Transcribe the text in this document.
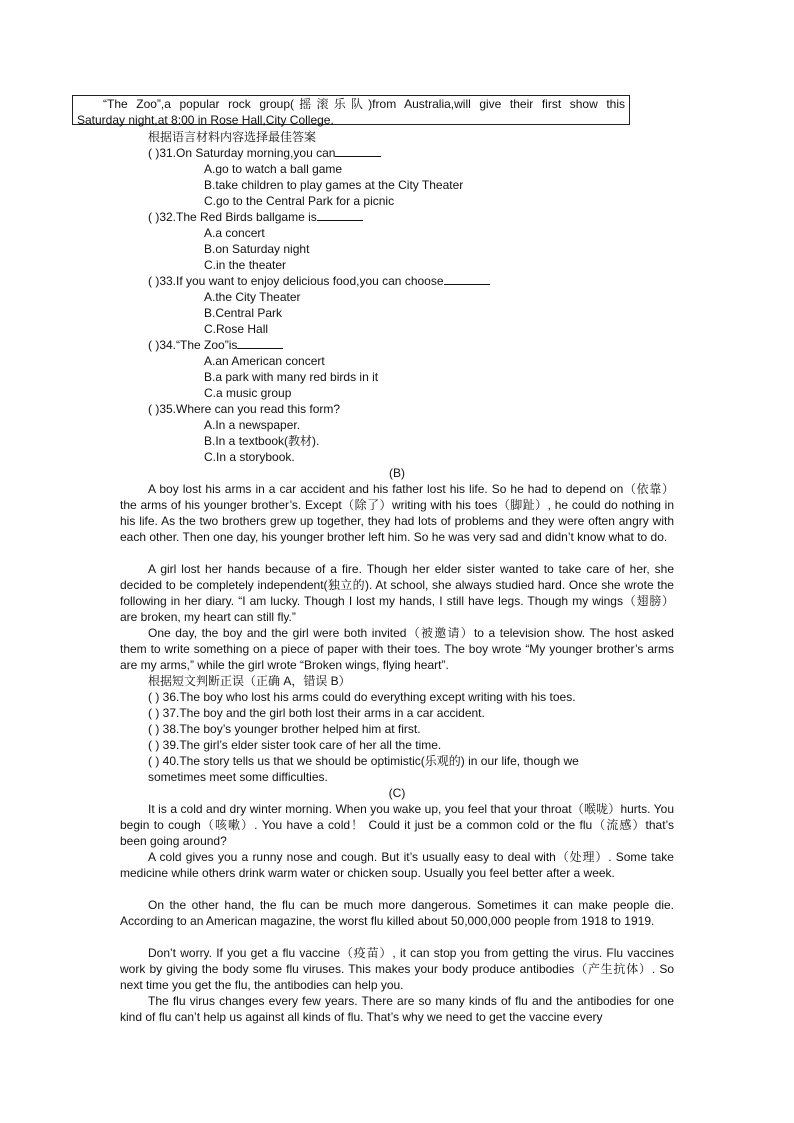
“The Zoo”,a popular rock group(摇滚乐队)from Australia,will give their first show this
Saturday night,at 8:00 in Rose Hall,City College.
根据语言材料内容选择最佳答案
( )31.On Saturday morning,you can
A.go to watch a ball game
B.take children to play games at the City Theater
C.go to the Central Park for a picnic
( )32.The Red Birds ballgame is
A.a concert
B.on Saturday night
C.in the theater
( )33.If you want to enjoy delicious food,you can choose
A.the City Theater
B.Central Park
C.Rose Hall
( )34.“The Zoo”is
A.an American concert
B.a park with many red birds in it
C.a music group
( )35.Where can you read this form?
A.In a newspaper.
B.In a textbook(教材).
C.In a storybook.
(B)

A boy lost his arms in a car accident and his father lost his life. So he had to depend on（依靠）the arms of his younger brother’s. Except（除了）writing with his toes（脚趾）, he could do nothing in his life. As the two brothers grew up together, they had lots of problems and they were often angry with each other. Then one day, his younger brother left him. So he was very sad and didn’t know what to do.

A girl lost her hands because of a fire. Though her elder sister wanted to take care of her, she decided to be completely independent(独立的). At school, she always studied hard. Once she wrote the following in her diary. “I am lucky. Though I lost my hands, I still have legs. Though my wings（翅膀） are broken, my heart can still fly.”

One day, the boy and the girl were both invited（被邀请）to a television show. The host asked them to write something on a piece of paper with their toes. The boy wrote “My younger brother’s arms are my arms,” while the girl wrote “Broken wings, flying heart”.

根据短文判断正误（正确 A，错误 B）
( ) 36.The boy who lost his arms could do everything except writing with his toes.
( ) 37.The boy and the girl both lost their arms in a car accident.
( ) 38.The boy’s younger brother helped him at first.
( ) 39.The girl’s elder sister took care of her all the time.
( ) 40.The story tells us that we should be optimistic(乐观的) in our life, though we
sometimes meet some difficulties.
(C)

It is a cold and dry winter morning. When you wake up, you feel that your throat（喉咙）hurts. You begin to cough（咳嗽）. You have a cold！ Could it just be a common cold or the flu（流感）that’s been going around?

A cold gives you a runny nose and cough. But it’s usually easy to deal with（处理）. Some take medicine while others drink warm water or chicken soup. Usually you feel better after a week.

On the other hand, the flu can be much more dangerous. Sometimes it can make people die. According to an American magazine, the worst flu killed about 50,000,000 people from 1918 to 1919.

Don’t worry. If you get a flu vaccine（疫苗）, it can stop you from getting the virus. Flu vaccines work by giving the body some flu viruses. This makes your body produce antibodies（产生抗体）. So next time you get the flu, the antibodies can help you.

The flu virus changes every few years. There are so many kinds of flu and the antibodies for one kind of flu can’t help us against all kinds of flu. That’s why we need to get the vaccine every
